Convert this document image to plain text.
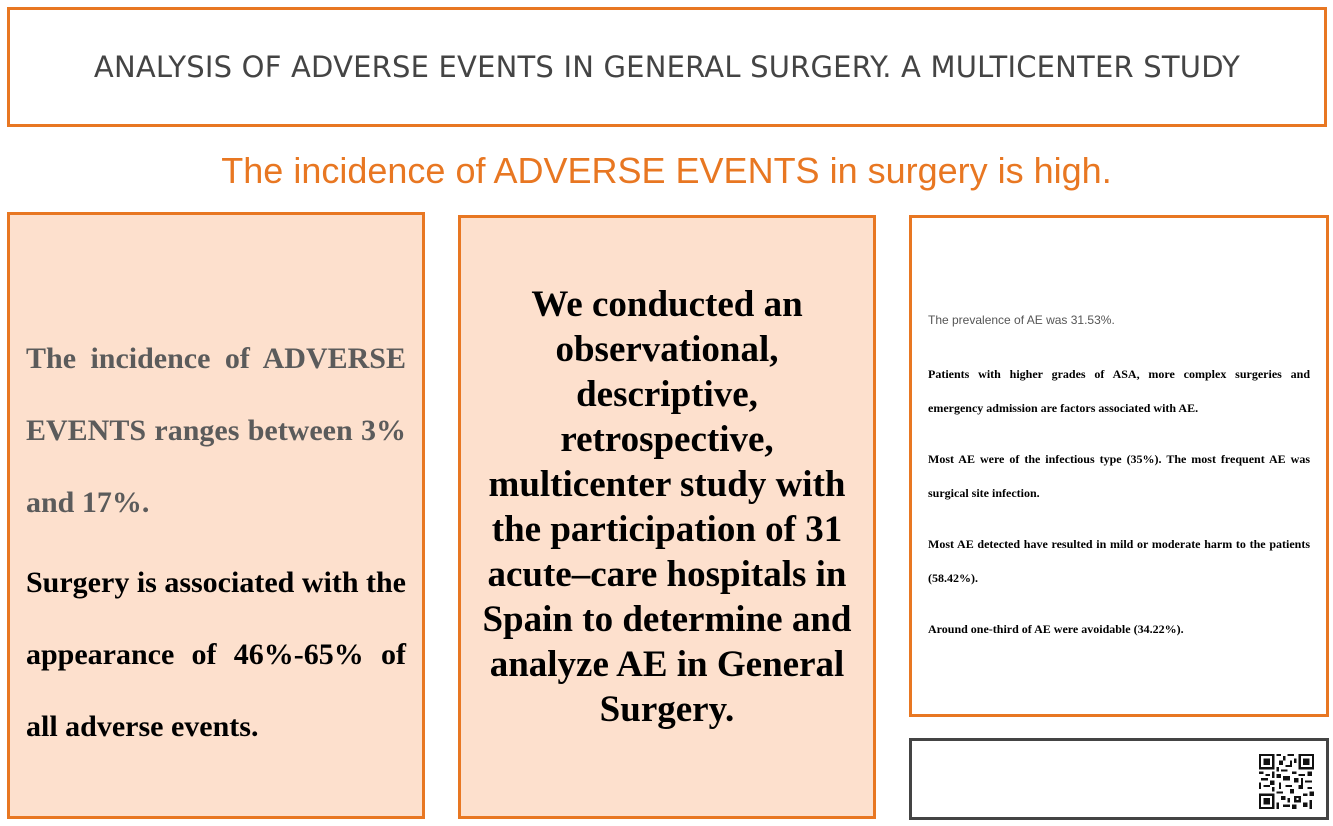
ANALYSIS OF ADVERSE EVENTS IN GENERAL SURGERY. A MULTICENTER STUDY
The incidence of ADVERSE EVENTS in surgery is high.

The incidence of ADVERSE EVENTS ranges between 3% and 17%.

Surgery is associated with the appearance of 46%-65% of all adverse events.

We conducted an observational, descriptive, retrospective, multicenter study with the participation of 31 acute–care hospitals in Spain to determine and analyze AE in General Surgery.

The prevalence of AE was 31.53%.

Patients with higher grades of ASA, more complex surgeries and emergency admission are factors associated with AE.

Most AE were of the infectious type (35%). The most frequent AE was surgical site infection.

Most AE detected have resulted in mild or moderate harm to the patients (58.42%).

Around one-third of AE were avoidable (34.22%).
